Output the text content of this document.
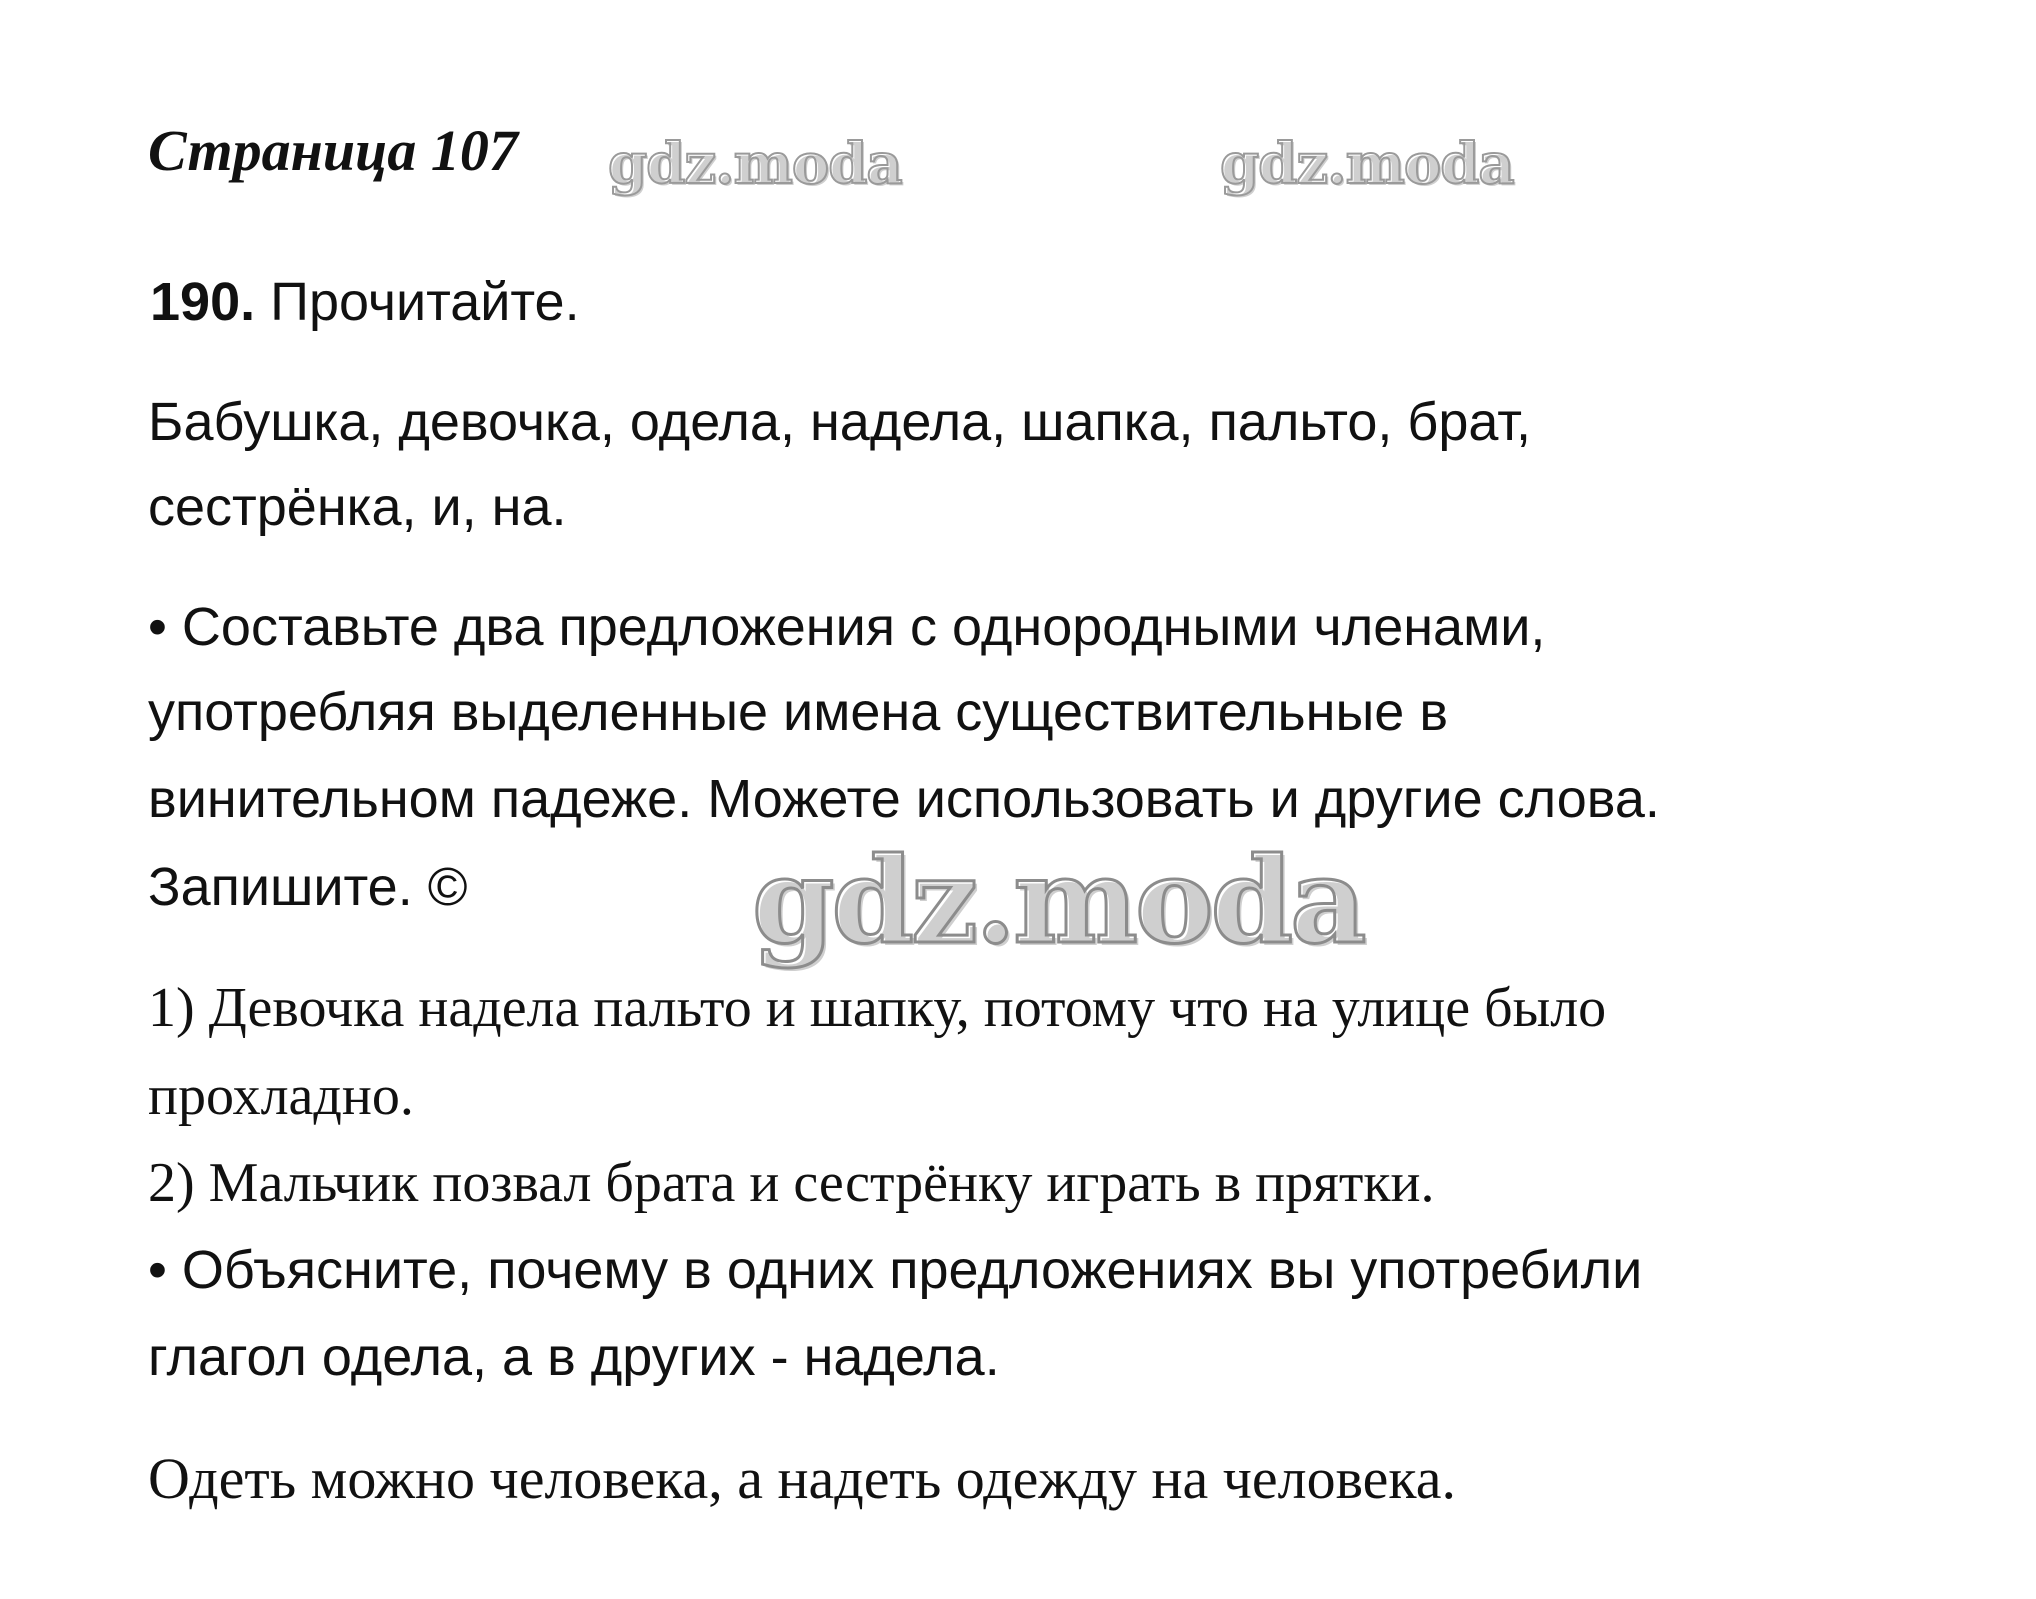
Страница 107 gdz.moda	gdz.moda
190. Прочитайте.
Бабушка, девочка, одела, надела, шапка, пальто, брат,
сестрёнка, и, на.
• Составьте два предложения с однородными членами,
употребляя выделенные имена существительные в
винительном падеже. Можете использовать и другие слова.
Запишите. © gdz.moda
1) Девочка надела пальто и шапку, потому что на улице было
прохладно.
2) Мальчик позвал брата и сестрёнку играть в прятки.
• Объясните, почему в одних предложениях вы употребили
глагол одела, а в других - надела.
Одеть можно человека, а надеть одежду на человека.
